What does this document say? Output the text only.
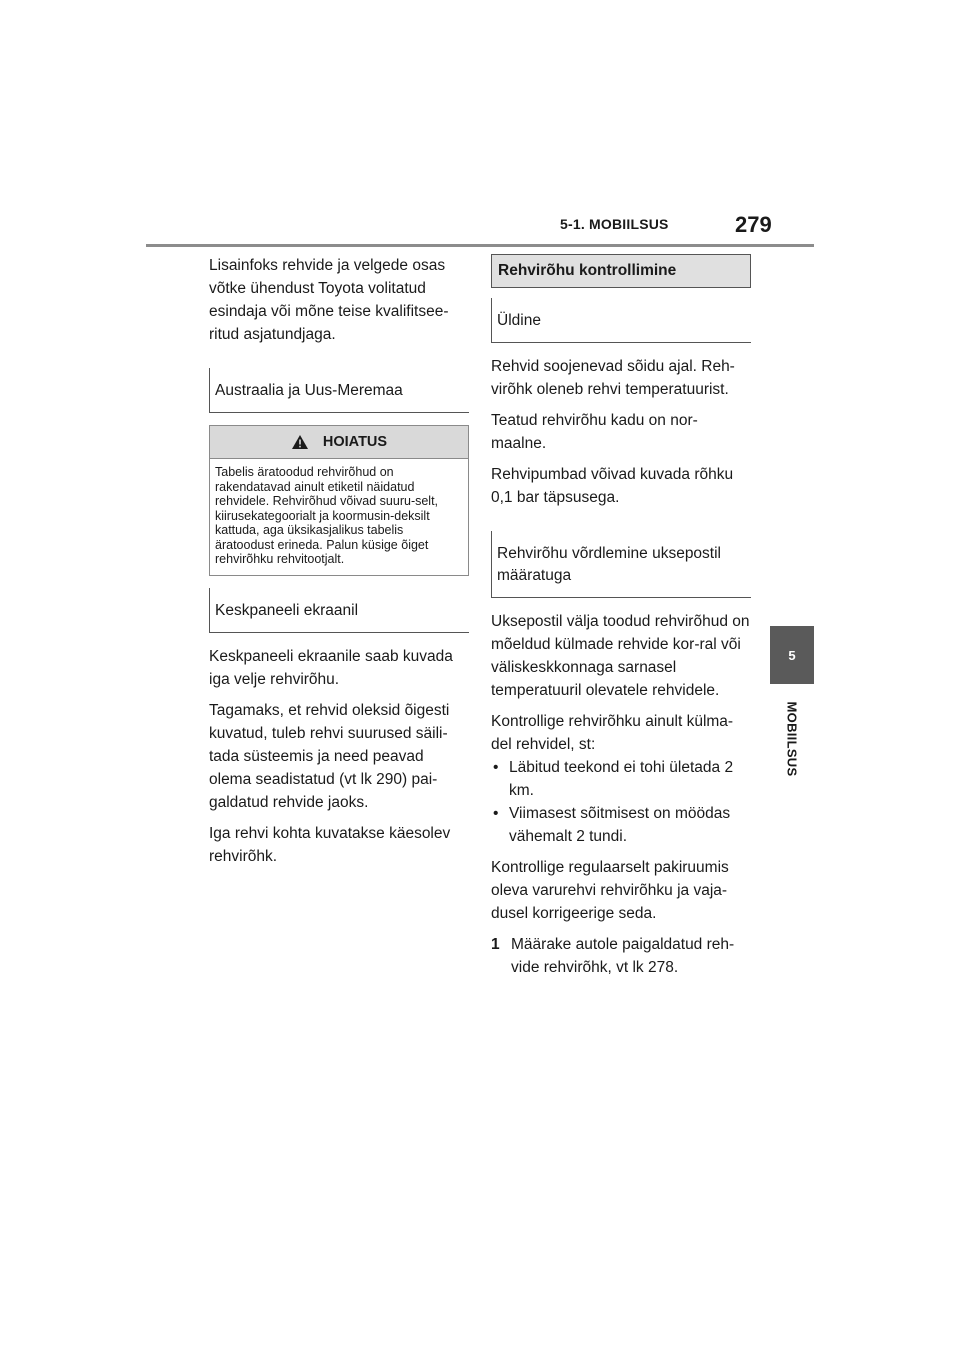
5-1. MOBIILSUS	279
5
MOBIILSUS

Lisainfoks rehvide ja velgede osas võtke ühendust Toyota volitatud esindaja või mõne teise kvalifitsee-ritud asjatundjaga.

Austraalia ja Uus-Meremaa
HOIATUS
Tabelis äratoodud rehvirõhud on rakendatavad ainult etiketil näidatud rehvidele. Rehvirõhud võivad suuru-selt, kiirusekategoorialt ja koormusin-deksilt kattuda, aga üksikasjalikus tabelis äratoodust erineda. Palun küsige õiget rehvirõhku rehvitootjalt.
Keskpaneeli ekraanil

Keskpaneeli ekraanile saab kuvada iga velje rehvirõhu.

Tagamaks, et rehvid oleksid õigesti kuvatud, tuleb rehvi suurused säili-tada süsteemis ja need peavad olema seadistatud (vt lk 290) pai-galdatud rehvide jaoks.

Iga rehvi kohta kuvatakse käesolev rehvirõhk.

Rehvirõhu kontrollimine
Üldine

Rehvid soojenevad sõidu ajal. Reh-virõhk oleneb rehvi temperatuurist.

Teatud rehvirõhu kadu on nor-maalne.

Rehvipumbad võivad kuvada rõhku 0,1 bar täpsusega.

Rehvirõhu võrdlemine uksepostil määratuga

Uksepostil välja toodud rehvirõhud on mõeldud külmade rehvide kor-ral või väliskeskkonnaga sarnasel temperatuuril olevatele rehvidele.

Kontrollige rehvirõhku ainult külma-del rehvidel, st:

• Läbitud teekond ei tohi ületada 2 km.
• Viimasest sõitmisest on möödas vähemalt 2 tundi.

Kontrollige regulaarselt pakiruumis oleva varurehvi rehvirõhku ja vaja-dusel korrigeerige seda.

1 Määrake autole paigaldatud reh-vide rehvirõhk, vt lk 278.
